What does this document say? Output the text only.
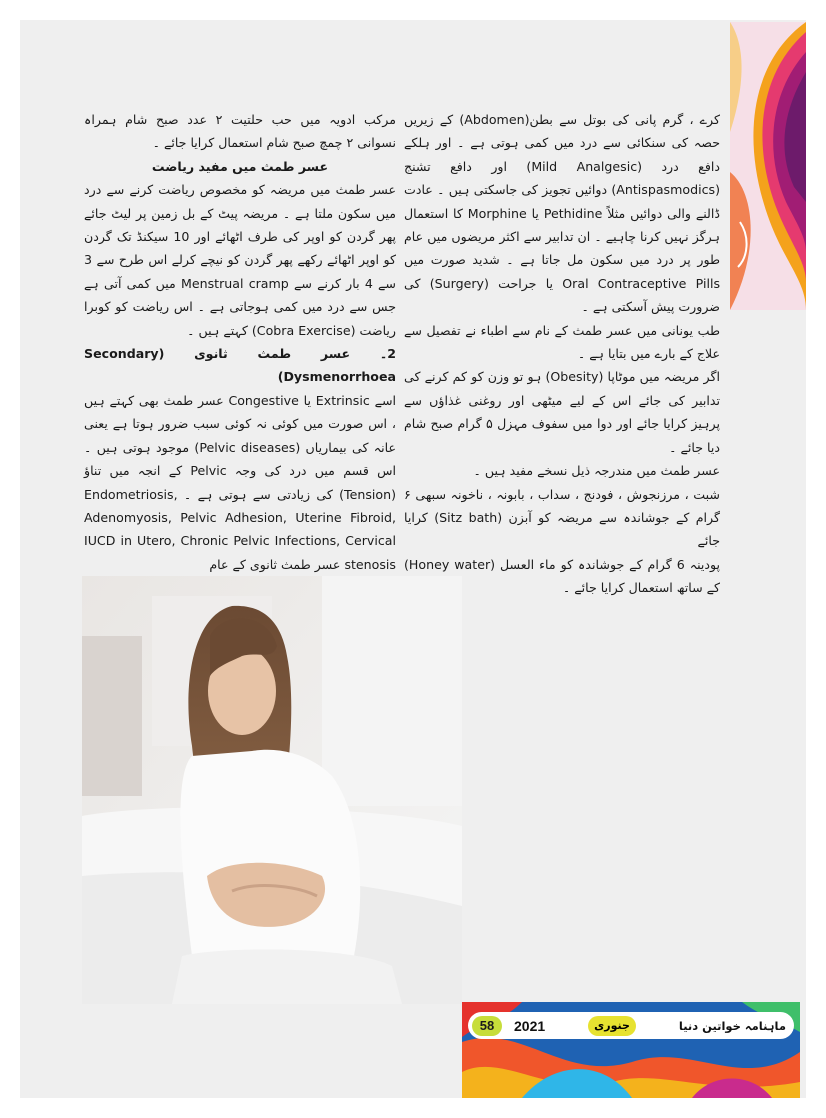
کرے ، گرم پانی کی بوتل سے بطن(Abdomen) کے زیریں حصہ کی سنکائی سے درد میں کمی ہوتی ہے ۔ اور ہلکے دافع درد (Mild Analgesic) اور دافع تشنج (Antispasmodics) دوائیں تجویز کی جاسکتی ہیں ۔ عادت ڈالنے والی دوائیں مثلاً Pethidine یا Morphine کا استعمال ہرگز نہیں کرنا چاہیے ۔ ان تدابیر سے اکثر مریضوں میں عام طور پر درد میں سکون مل جاتا ہے ۔ شدید صورت میں Oral Contraceptive Pills یا جراحت (Surgery) کی ضرورت پیش آسکتی ہے ۔

طب یونانی میں عسر طمث کے نام سے اطباء نے تفصیل سے علاج کے بارے میں بتایا ہے ۔

اگر مریضہ میں موٹاپا (Obesity) ہو تو وزن کو کم کرنے کی تدابیر کی جائے اس کے لیے میٹھی اور روغنی غذاؤں سے پرہیز کرایا جائے اور دوا میں سفوف مہزل ۵ گرام صبح شام دیا جائے ۔

عسر طمث میں مندرجہ ذیل نسخے مفید ہیں ۔

شبت ، مرزنجوش ، فودنج ، سداب ، بابونہ ، ناخونہ سبھی ۶ گرام کے جوشاندہ سے مریضہ کو آبزن (Sitz bath) کرایا جائے

پودینہ 6 گرام کے جوشاندہ کو ماء العسل (Honey water) کے ساتھ استعمال کرایا جائے ۔

مرکب ادویہ میں حب حلتیت ۲ عدد صبح شام ہمراہ نسوانی ۲ چمچ صبح شام استعمال کرایا جائے ۔

عسر طمث میں مفید ریاضت

عسر طمث میں مریضہ کو مخصوص ریاضت کرنے سے درد میں سکون ملتا ہے ۔ مریضہ پیٹ کے بل زمین پر لیٹ جائے پھر گردن کو اوپر کی طرف اٹھائے اور 10 سیکنڈ تک گردن کو اوپر اٹھائے رکھے پھر گردن کو نیچے کرلے اس طرح سے 3 سے 4 بار کرنے سے Menstrual cramp میں کمی آتی ہے جس سے درد میں کمی ہوجاتی ہے ۔ اس ریاضت کو کوبرا ریاضت (Cobra Exercise) کہتے ہیں ۔

2۔ عسر طمث ثانوی (Secondary Dysmenorrhoea)

اسے Extrinsic یا Congestive عسر طمث بھی کہتے ہیں ، اس صورت میں کوئی نہ کوئی سبب ضرور ہوتا ہے یعنی عانہ کی بیماریاں (Pelvic diseases) موجود ہوتی ہیں ۔ اس قسم میں درد کی وجہ Pelvic کے انجہ میں تناؤ (Tension) کی زیادتی سے ہوتی ہے ۔ Endometriosis, Adenomyosis, Pelvic Adhesion, Uterine Fibroid, IUCD in Utero, Chronic Pelvic Infections, Cervical stenosis عسر طمث ثانوی کے عام

58	2021	جنوری	ماہنامہ خواتین دنیا
